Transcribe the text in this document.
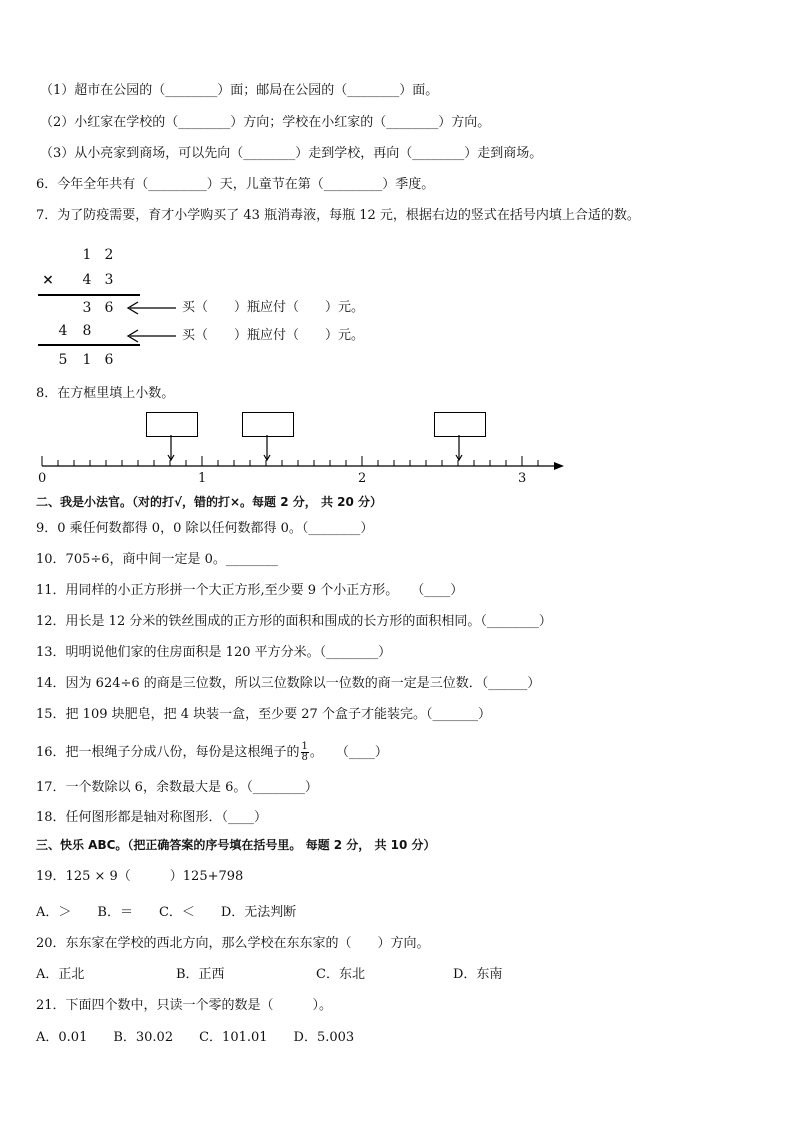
（1）超市在公园的（________）面；邮局在公园的（________）面。
（2）小红家在学校的（________）方向；学校在小红家的（________）方向。
（3）从小亮家到商场，可以先向（________）走到学校，再向（________）走到商场。
6．今年全年共有（_________）天，儿童节在第（_________）季度。
7．为了防疫需要，育才小学购买了 43 瓶消毒液，每瓶 12 元，根据右边的竖式在括号内填上合适的数。
1 2
× 4 3
3 6
4 8
5 1 6
买（　　）瓶应付（　　）元。
买（　　）瓶应付（　　）元。
8．在方框里填上小数。
0	1	2	3
二、我是小法官。（对的打√，错的打×。每题 2 分， 共 20 分）
9．0 乘任何数都得 0，0 除以任何数都得 0。（________）
10．705÷6，商中间一定是 0。________
11．用同样的小正方形拼一个大正方形,至少要 9 个小正方形。　　（____）
12．用长是 12 分米的铁丝围成的正方形的面积和围成的长方形的面积相同。（________）
13．明明说他们家的住房面积是 120 平方分米。（________）
14．因为 624÷6 的商是三位数，所以三位数除以一位数的商一定是三位数．（______）
15．把 109 块肥皂，把 4 块装一盒，至少要 27 个盒子才能装完。（_______）
16．把一根绳子分成八份，每份是这根绳子的 $\frac{1}{8}$ 。　　（____）
17．一个数除以 6，余数最大是 6。（________）
18．任何图形都是轴对称图形．（____）
三、快乐 ABC。（把正确答案的序号填在括号里。 每题 2 分， 共 10 分）
19．125 × 9（　　　）125+798
A．＞　　B．＝　　C．＜　　D．无法判断
20．东东家在学校的西北方向，那么学校在东东家的（　　）方向。
A．正北	B．正西	C．东北	D．东南
21．下面四个数中，只读一个零的数是（　　　）。
A．0.01　　B．30.02　　C．101.01　　D．5.003
